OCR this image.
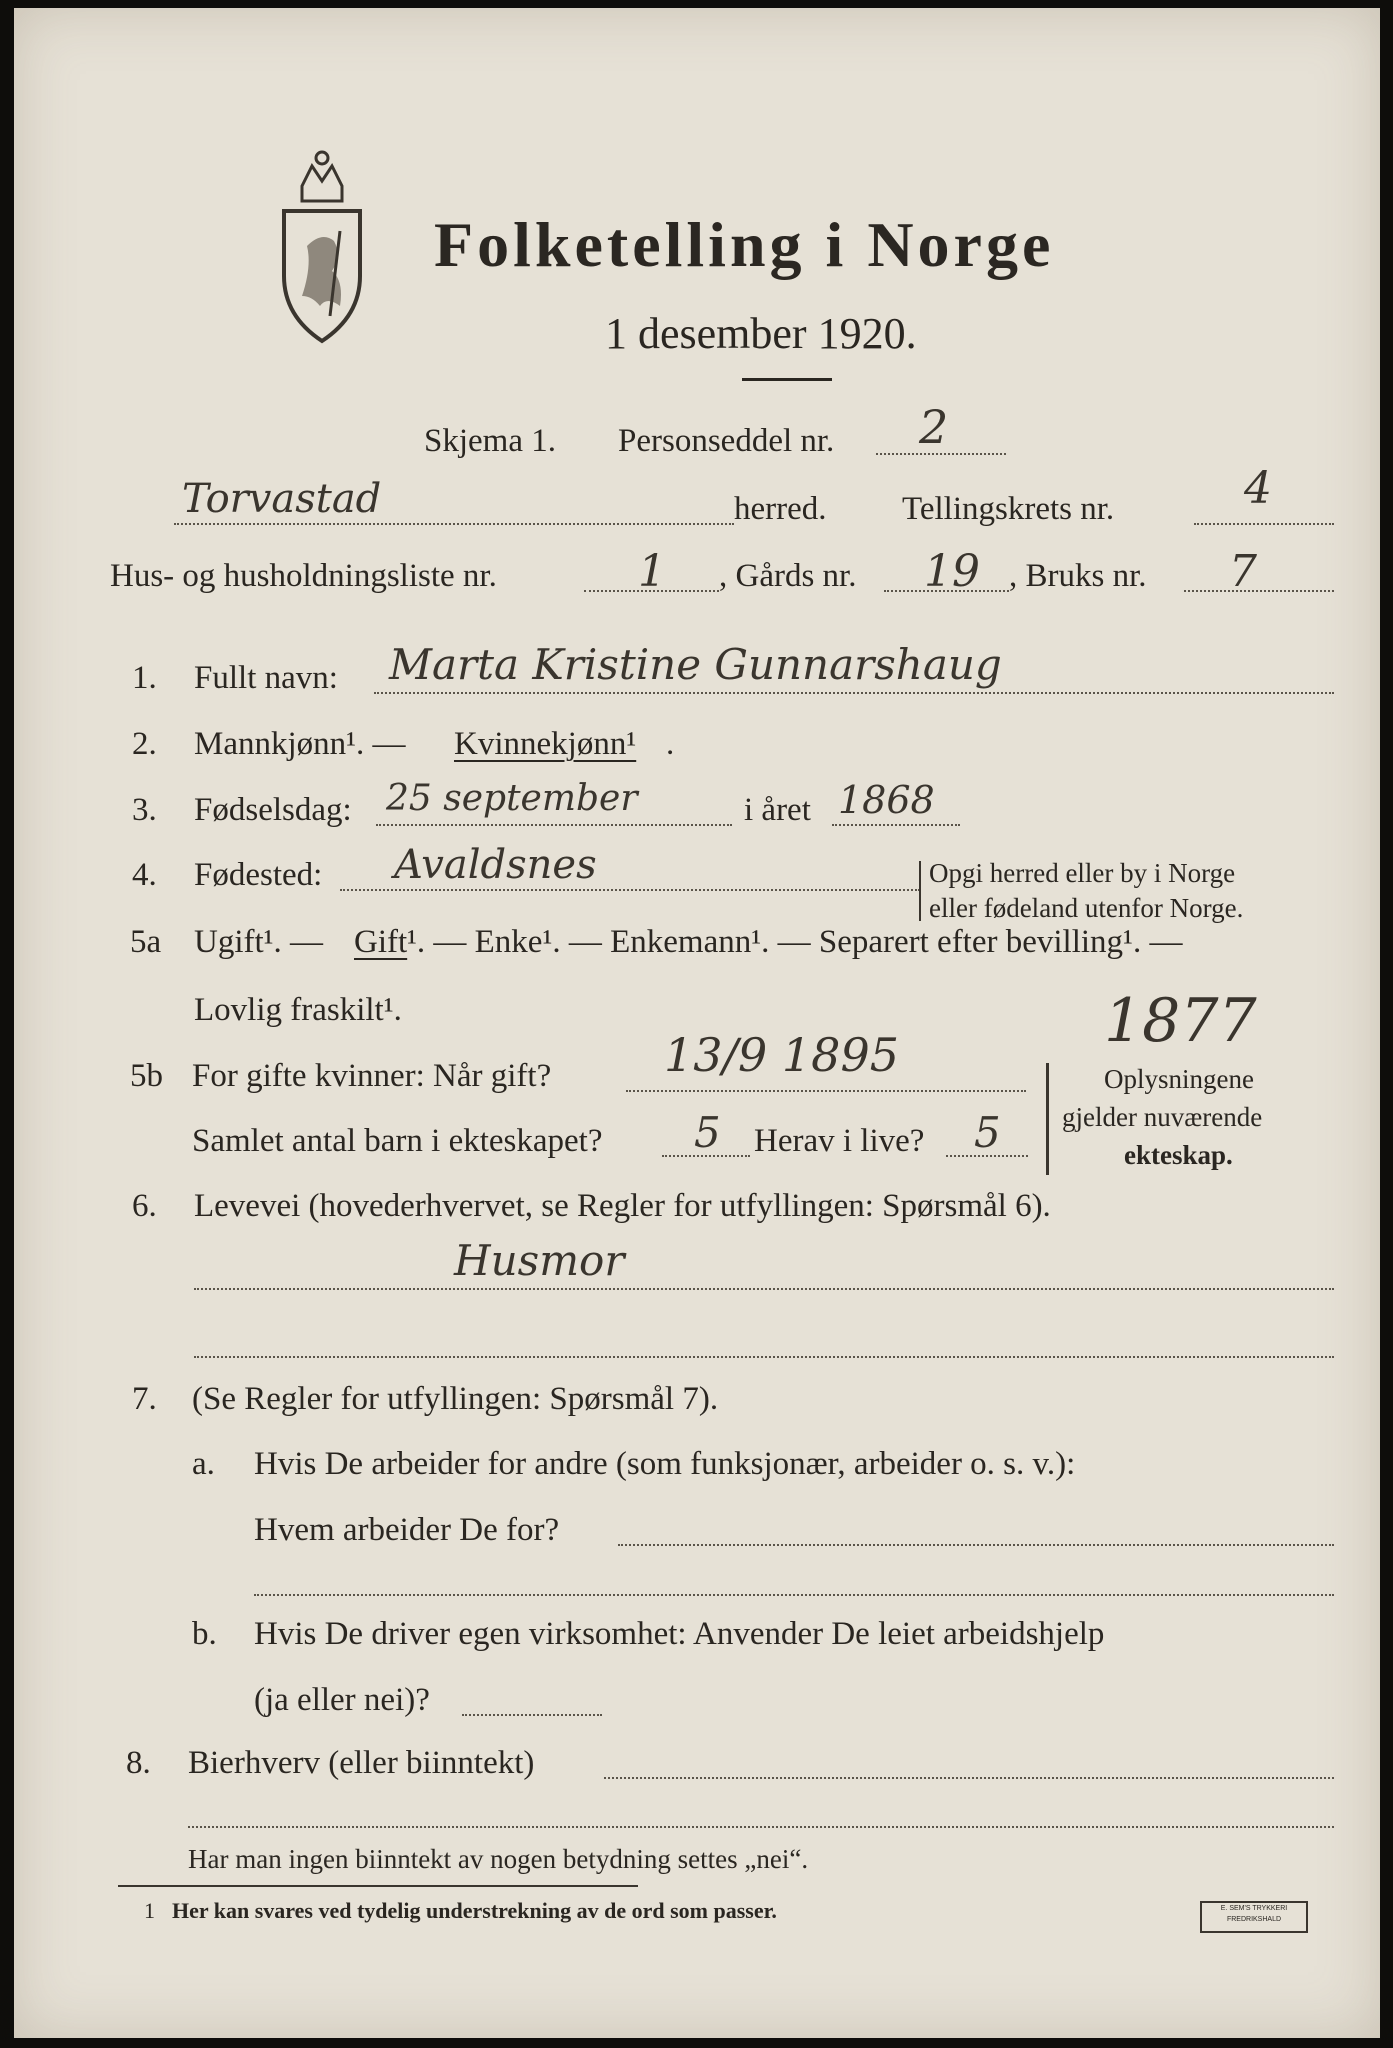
Folketelling i Norge
1 desember 1920.
Skjema 1. Personseddel nr. 2
Torvastad	herred. Tellingskrets nr.	4
Hus- og husholdningsliste nr.	1 , Gårds nr. 19 , Bruks nr. 7
1. Fullt navn: Marta Kristine Gunnarshaug
2. Mannkjønn¹. — Kvinnekjønn¹ .
3. Fødselsdag: 25 september	i året 1868
4. Fødested: Avaldsnes	Opgi herred eller by i Norge
eller fødeland utenfor Norge.
5a Ugift¹. — Gift ¹. — Enke¹. — Enkemann¹. — Separert efter bevilling¹. —
Lovlig fraskilt¹.	1877
5b For gifte kvinner: Når gift? 13/9 1895
Samlet antal barn i ekteskapet? 5 Herav i live? 5
Oplysningene
gjelder nuværende
ekteskap.
6. Levevei (hovederhvervet, se Regler for utfyllingen: Spørsmål 6).
Husmor
7. (Se Regler for utfyllingen: Spørsmål 7).
a. Hvis De arbeider for andre (som funksjonær, arbeider o. s. v.):
Hvem arbeider De for?
b. Hvis De driver egen virksomhet: Anvender De leiet arbeidshjelp
(ja eller nei)?
8. Bierhverv (eller biinntekt)
Har man ingen biinntekt av nogen betydning settes „nei“.
1 Her kan svares ved tydelig understrekning av de ord som passer.	E. SEM'S TRYKKERI
FREDRIKSHALD
